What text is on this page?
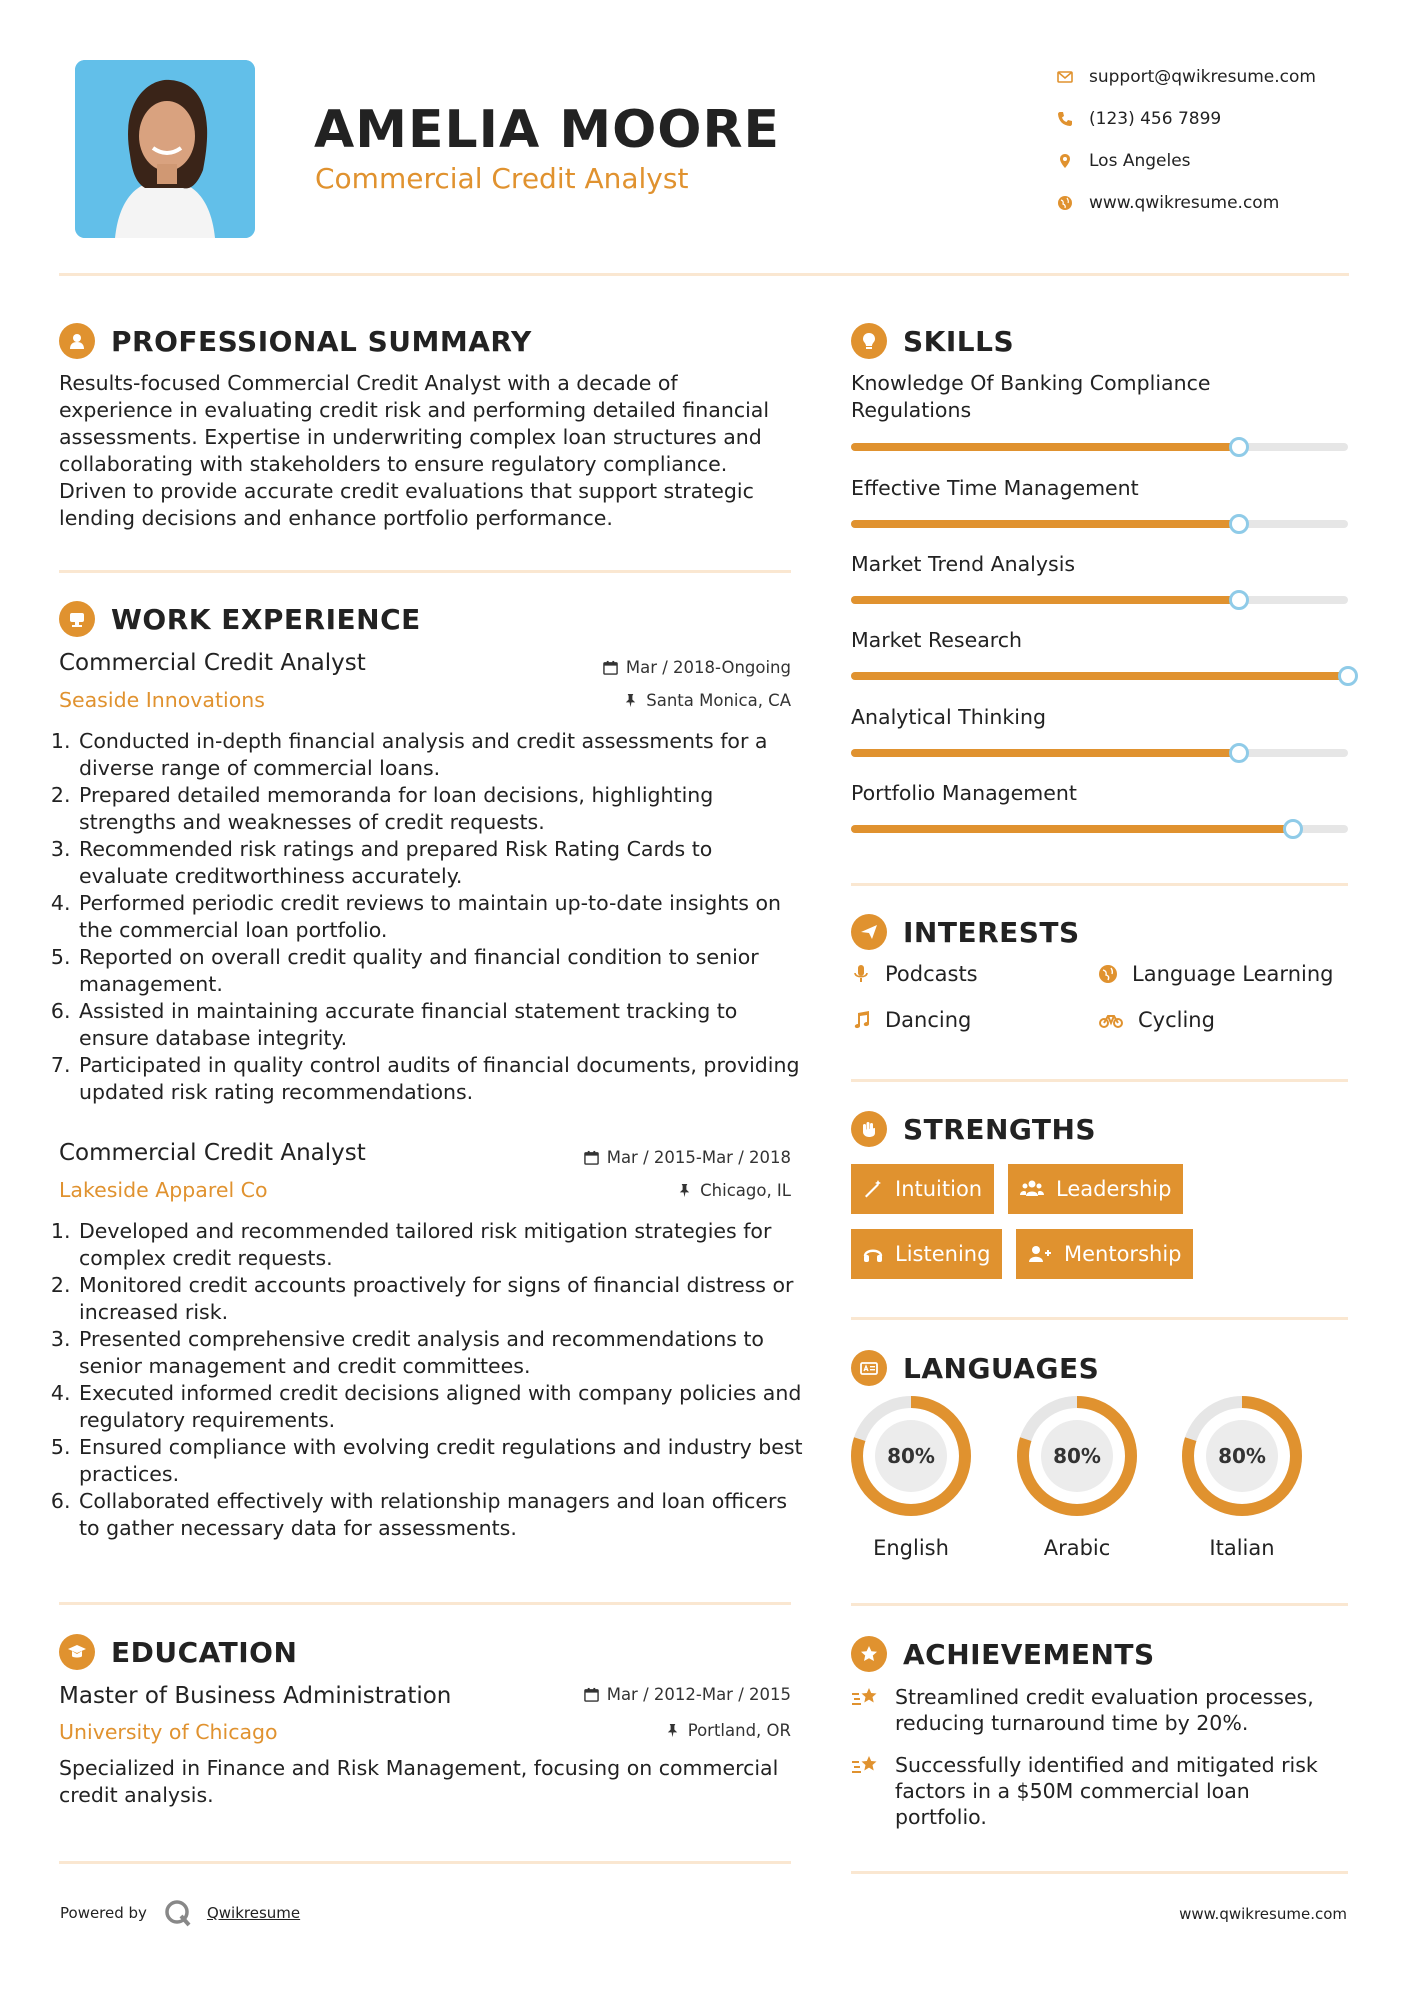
AMELIA MOORE
Commercial Credit Analyst
support@qwikresume.com
(123) 456 7899
Los Angeles
www.qwikresume.com
PROFESSIONAL SUMMARY
Results-focused Commercial Credit Analyst with a decade of experience in evaluating credit risk and performing detailed financial assessments. Expertise in underwriting complex loan structures and collaborating with stakeholders to ensure regulatory compliance. Driven to provide accurate credit evaluations that support strategic lending decisions and enhance portfolio performance.
WORK EXPERIENCE
Commercial Credit Analyst	Mar / 2018-Ongoing
Seaside Innovations	Santa Monica, CA
1. Conducted in-depth financial analysis and credit assessments for a diverse range of commercial loans.
2. Prepared detailed memoranda for loan decisions, highlighting strengths and weaknesses of credit requests.
3. Recommended risk ratings and prepared Risk Rating Cards to evaluate creditworthiness accurately.
4. Performed periodic credit reviews to maintain up-to-date insights on the commercial loan portfolio.
5. Reported on overall credit quality and financial condition to senior management.
6. Assisted in maintaining accurate financial statement tracking to ensure database integrity.
7. Participated in quality control audits of financial documents, providing updated risk rating recommendations.
Commercial Credit Analyst	Mar / 2015-Mar / 2018
Lakeside Apparel Co	Chicago, IL
1. Developed and recommended tailored risk mitigation strategies for complex credit requests.
2. Monitored credit accounts proactively for signs of financial distress or increased risk.
3. Presented comprehensive credit analysis and recommendations to senior management and credit committees.
4. Executed informed credit decisions aligned with company policies and regulatory requirements.
5. Ensured compliance with evolving credit regulations and industry best practices.
6. Collaborated effectively with relationship managers and loan officers to gather necessary data for assessments.
EDUCATION
Master of Business Administration	Mar / 2012-Mar / 2015
University of Chicago	Portland, OR
Specialized in Finance and Risk Management, focusing on commercial credit analysis.
SKILLS
Knowledge Of Banking Compliance Regulations
Effective Time Management
Market Trend Analysis
Market Research
Analytical Thinking
Portfolio Management
INTERESTS
Podcasts	Language Learning
Dancing	Cycling
STRENGTHS
Intuition	Leadership
Listening	Mentorship
LANGUAGES
80%
English
80%
Arabic
80%
Italian
ACHIEVEMENTS
Streamlined credit evaluation processes, reducing turnaround time by 20%.
Successfully identified and mitigated risk factors in a $50M commercial loan portfolio.
Powered by	Qwikresume	www.qwikresume.com
